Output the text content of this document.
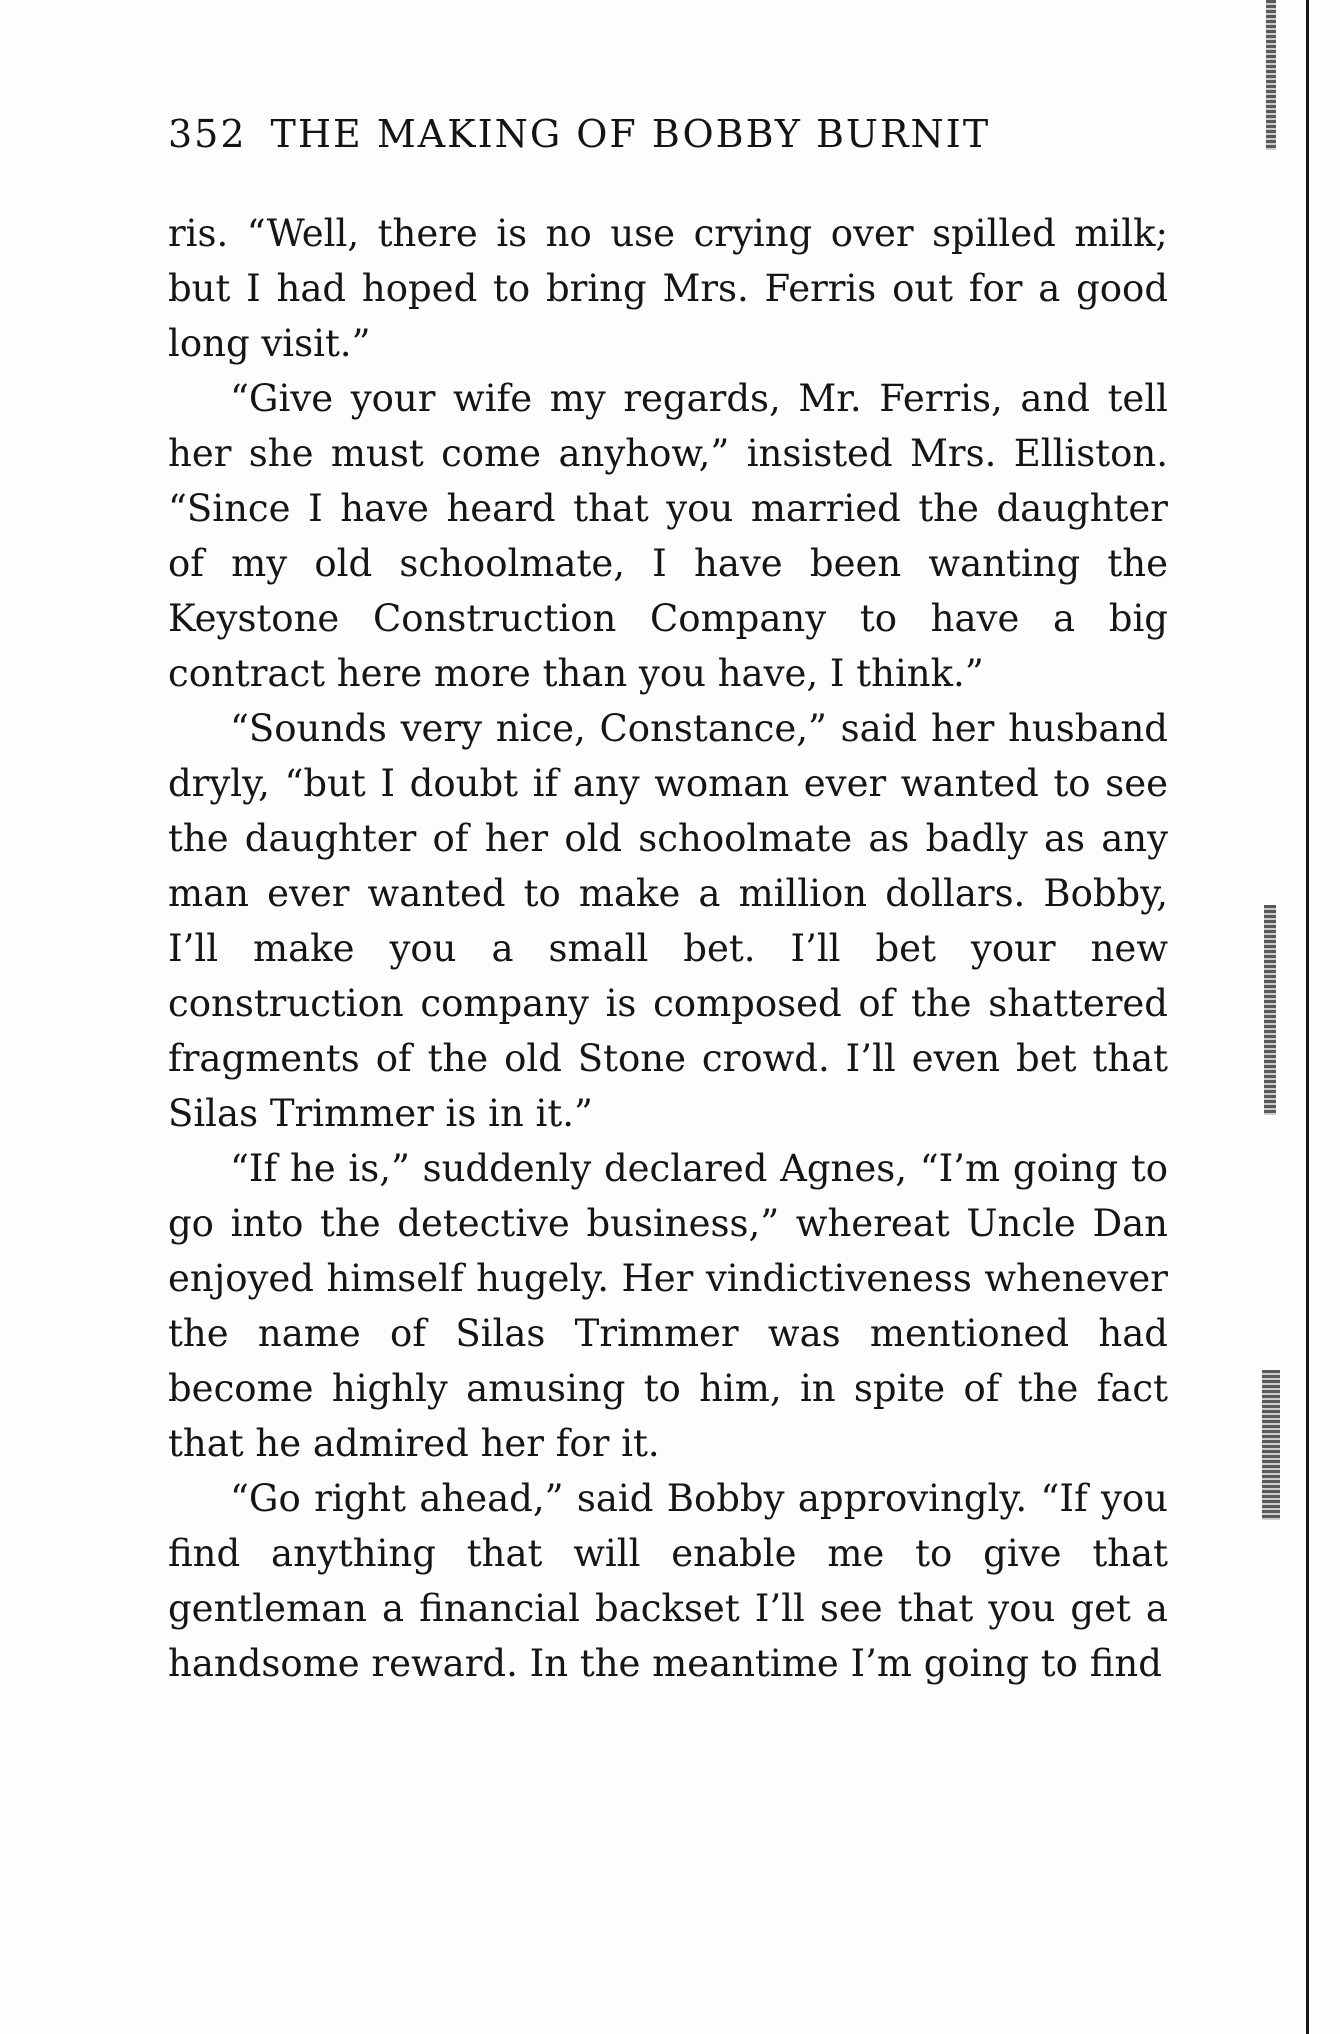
352 THE MAKING OF BOBBY BURNIT

ris. “Well, there is no use crying over spilled milk; but I had hoped to bring Mrs. Ferris out for a good long visit.”

“Give your wife my regards, Mr. Ferris, and tell her she must come anyhow,” insisted Mrs. Elliston. “Since I have heard that you married the daughter of my old schoolmate, I have been wanting the Keystone Construction Company to have a big contract here more than you have, I think.”

“Sounds very nice, Constance,” said her husband dryly, “but I doubt if any woman ever wanted to see the daughter of her old schoolmate as badly as any man ever wanted to make a million dollars. Bobby, I’ll make you a small bet. I’ll bet your new construction company is composed of the shattered fragments of the old Stone crowd. I’ll even bet that Silas Trimmer is in it.”

“If he is,” suddenly declared Agnes, “I’m going to go into the detective business,” whereat Uncle Dan enjoyed himself hugely. Her vindictiveness whenever the name of Silas Trimmer was mentioned had become highly amusing to him, in spite of the fact that he admired her for it.

“Go right ahead,” said Bobby approvingly. “If you find anything that will enable me to give that gentleman a financial backset I’ll see that you get a handsome reward. In the meantime I’m going to find
